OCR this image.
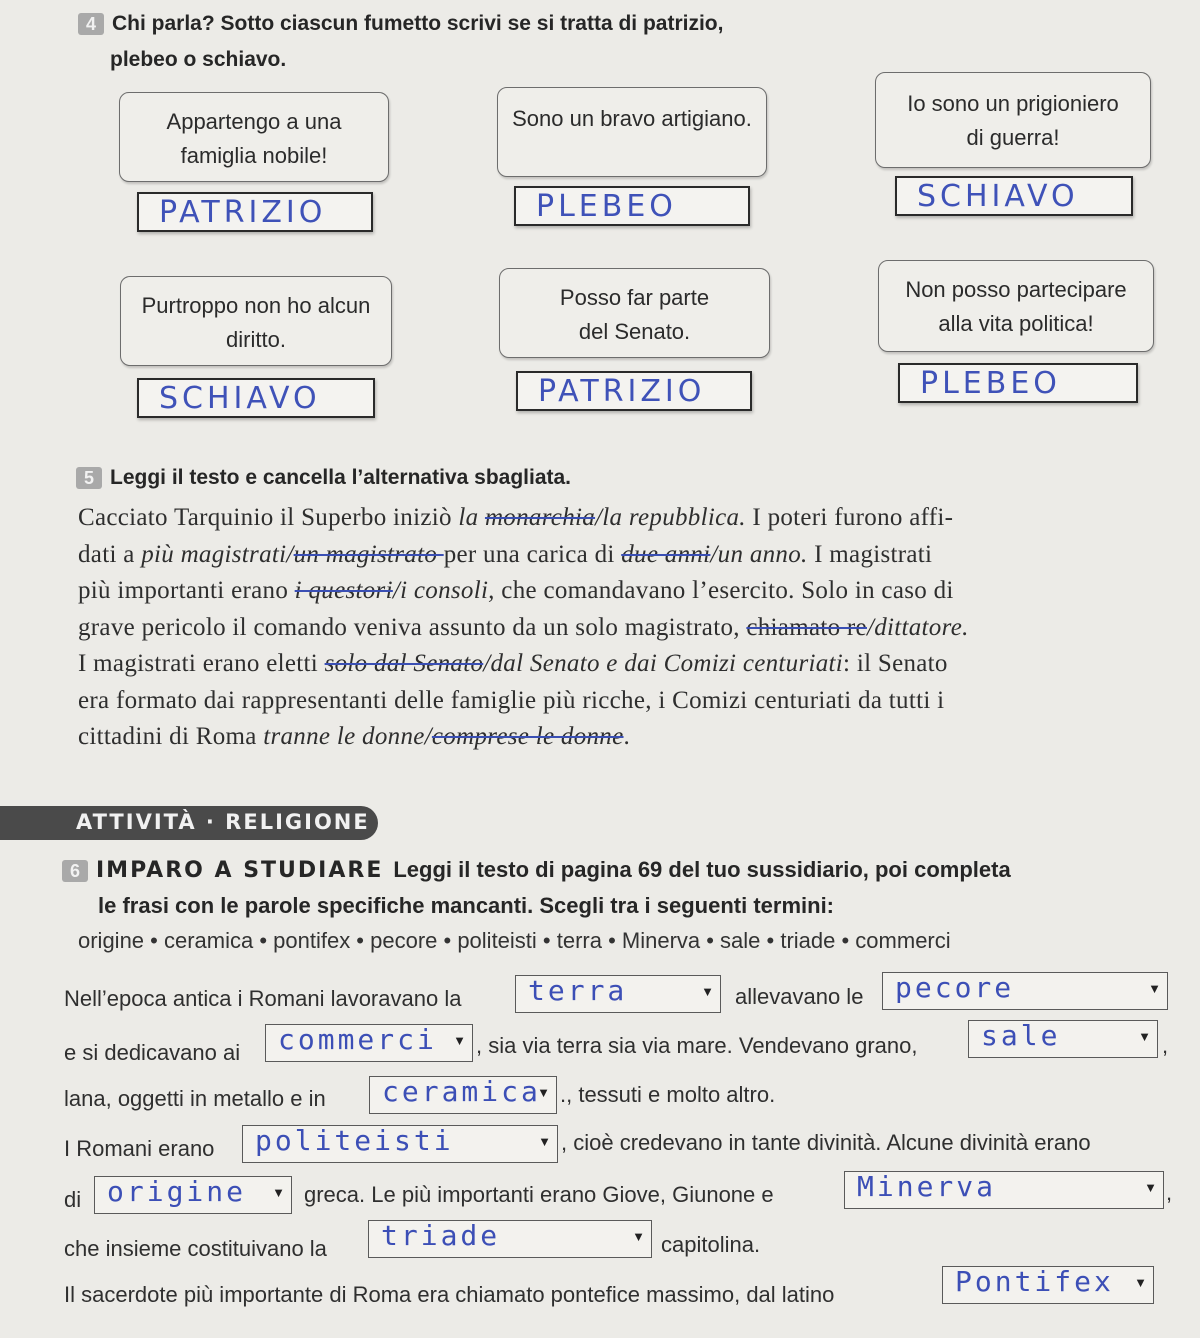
4 Chi parla? Sotto ciascun fumetto scrivi se si tratta di patrizio,
plebeo o schiavo.
Appartengo a una
famiglia nobile!
PATRIZIO
Sono un bravo artigiano.
PLEBEO
Io sono un prigioniero
di guerra!
SCHIAVO
Purtroppo non ho alcun
diritto.
SCHIAVO
Posso far parte
del Senato.
PATRIZIO
Non posso partecipare
alla vita politica!
PLEBEO
5 Leggi il testo e cancella l’alternativa sbagliata.
Cacciato Tarquinio il Superbo iniziò la monarchia/la repubblica. I poteri furono affi-
dati a più magistrati/un magistrato per una carica di due anni/un anno. I magistrati
più importanti erano i questori/i consoli, che comandavano l’esercito. Solo in caso di
grave pericolo il comando veniva assunto da un solo magistrato, chiamato re/dittatore.
I magistrati erano eletti solo dal Senato/dal Senato e dai Comizi centuriati: il Senato
era formato dai rappresentanti delle famiglie più ricche, i Comizi centuriati da tutti i
cittadini di Roma tranne le donne/comprese le donne.
ATTIVITÀ · RELIGIONE
6 IMPARO A STUDIARE Leggi il testo di pagina 69 del tuo sussidiario, poi completa
le frasi con le parole specifiche mancanti. Scegli tra i seguenti termini:
origine • ceramica • pontifex • pecore • politeisti • terra • Minerva • sale • triade • commerci
Nell’epoca antica i Romani lavoravano la terra	▼ allevavano le pecore	▼
e si dedicavano ai commerci ▼ , sia via terra sia via mare. Vendevano grano, sale	▼ ,
lana, oggetti in metallo e in ceramica
▼ ., tessuti e molto altro.
I Romani erano politeisti	▼ , cioè credevano in tante divinità. Alcune divinità erano
di origine ▼ greca. Le più importanti erano Giove, Giunone e	Minerva	▼ ,
che insieme costituivano la triade	▼ capitolina.
Il sacerdote più importante di Roma era chiamato pontefice massimo, dal latino	Pontifex ▼
